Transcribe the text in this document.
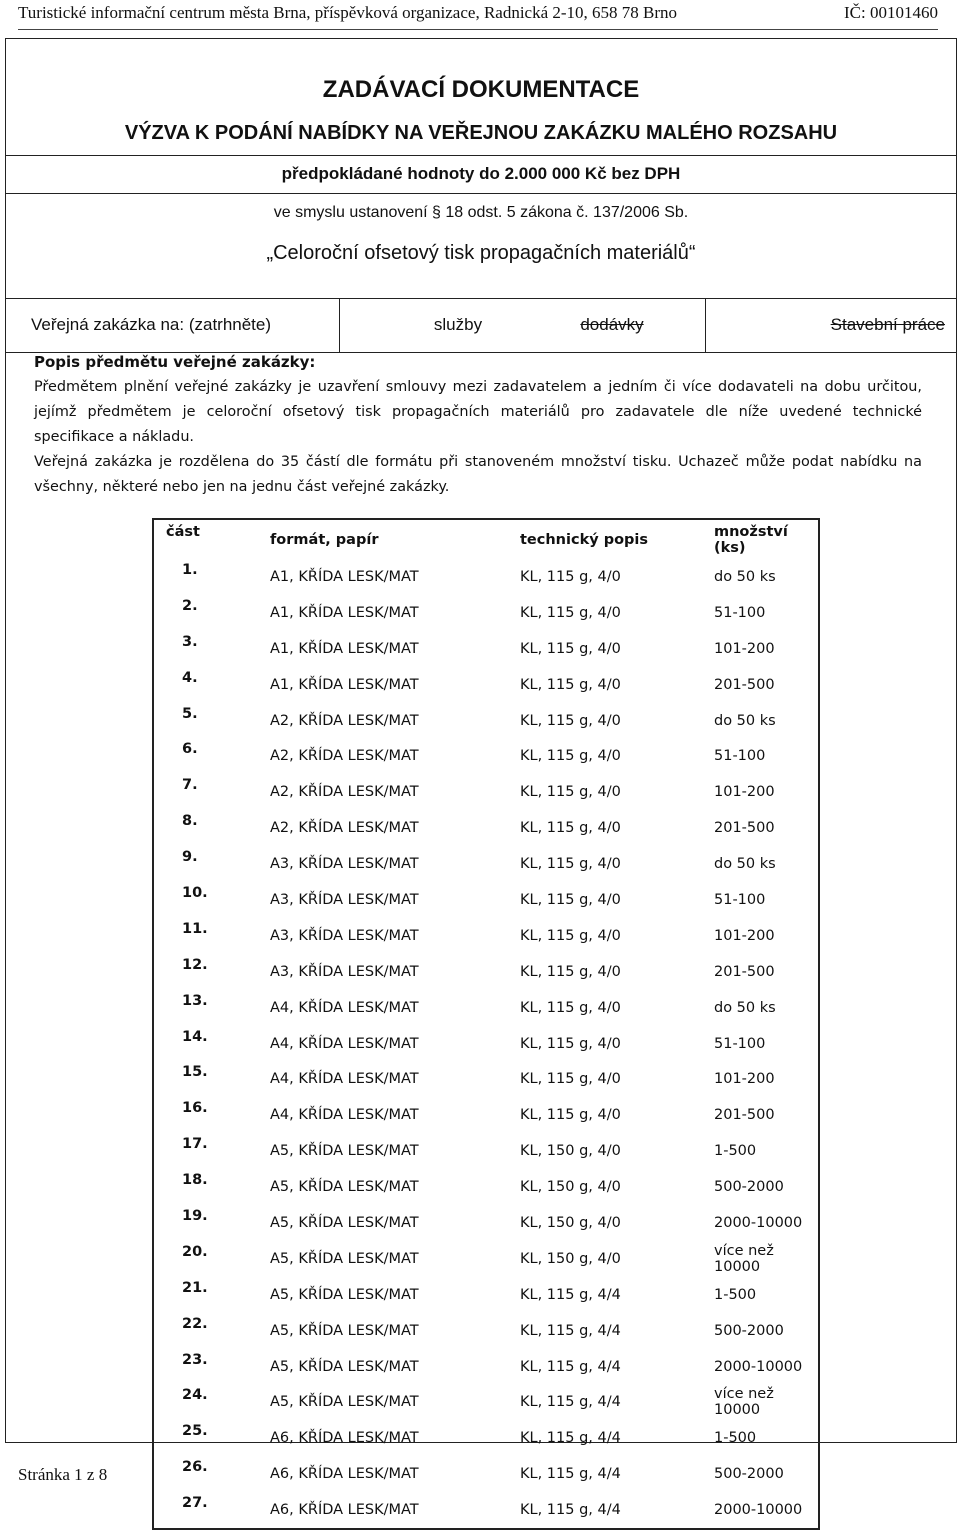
Turistické informační centrum města Brna, příspěvková organizace, Radnická 2-10, 658 78 Brno	IČ: 00101460
ZADÁVACÍ DOKUMENTACE
VÝZVA K PODÁNÍ NABÍDKY NA VEŘEJNOU ZAKÁZKU MALÉHO ROZSAHU
předpokládané hodnoty do 2.000 000 Kč bez DPH
ve smyslu ustanovení § 18 odst. 5 zákona č. 137/2006 Sb.
„Celoroční ofsetový tisk propagačních materiálů“
Veřejná zakázka na: (zatrhněte)	služby	dodávky	Stavební práce

Popis předmětu veřejné zakázky:

Předmětem plnění veřejné zakázky je uzavření smlouvy mezi zadavatelem a jedním či více dodavateli na dobu určitou, jejímž předmětem je celoroční ofsetový tisk propagačních materiálů pro zadavatele dle níže uvedené technické specifikace a nákladu.

Veřejná zakázka je rozdělena do 35 částí dle formátu při stanoveném množství tisku. Uchazeč může podat nabídku na všechny, některé nebo jen na jednu část veřejné zakázky.

část	formát, papír	technický popis	množství (ks)
1.	A1, KŘÍDA LESK/MAT	KL, 115 g, 4/0	do 50 ks
2.	A1, KŘÍDA LESK/MAT	KL, 115 g, 4/0	51-100
3.	A1, KŘÍDA LESK/MAT	KL, 115 g, 4/0	101-200
4.	A1, KŘÍDA LESK/MAT	KL, 115 g, 4/0	201-500
5.	A2, KŘÍDA LESK/MAT	KL, 115 g, 4/0	do 50 ks
6.	A2, KŘÍDA LESK/MAT	KL, 115 g, 4/0	51-100
7.	A2, KŘÍDA LESK/MAT	KL, 115 g, 4/0	101-200
8.	A2, KŘÍDA LESK/MAT	KL, 115 g, 4/0	201-500
9.	A3, KŘÍDA LESK/MAT	KL, 115 g, 4/0	do 50 ks
10.	A3, KŘÍDA LESK/MAT	KL, 115 g, 4/0	51-100
11.	A3, KŘÍDA LESK/MAT	KL, 115 g, 4/0	101-200
12.	A3, KŘÍDA LESK/MAT	KL, 115 g, 4/0	201-500
13.	A4, KŘÍDA LESK/MAT	KL, 115 g, 4/0	do 50 ks
14.	A4, KŘÍDA LESK/MAT	KL, 115 g, 4/0	51-100
15.	A4, KŘÍDA LESK/MAT	KL, 115 g, 4/0	101-200
16.	A4, KŘÍDA LESK/MAT	KL, 115 g, 4/0	201-500
17.	A5, KŘÍDA LESK/MAT	KL, 150 g, 4/0	1-500
18.	A5, KŘÍDA LESK/MAT	KL, 150 g, 4/0	500-2000
19.	A5, KŘÍDA LESK/MAT	KL, 150 g, 4/0	2000-10000
20.	A5, KŘÍDA LESK/MAT	KL, 150 g, 4/0	více než 10000
21.	A5, KŘÍDA LESK/MAT	KL, 115 g, 4/4	1-500
22.	A5, KŘÍDA LESK/MAT	KL, 115 g, 4/4	500-2000
23.	A5, KŘÍDA LESK/MAT	KL, 115 g, 4/4	2000-10000
24.	A5, KŘÍDA LESK/MAT	KL, 115 g, 4/4	více než 10000
25.	A6, KŘÍDA LESK/MAT	KL, 115 g, 4/4	1-500
26.	A6, KŘÍDA LESK/MAT	KL, 115 g, 4/4	500-2000
27.	A6, KŘÍDA LESK/MAT	KL, 115 g, 4/4	2000-10000
Stránka 1 z 8
